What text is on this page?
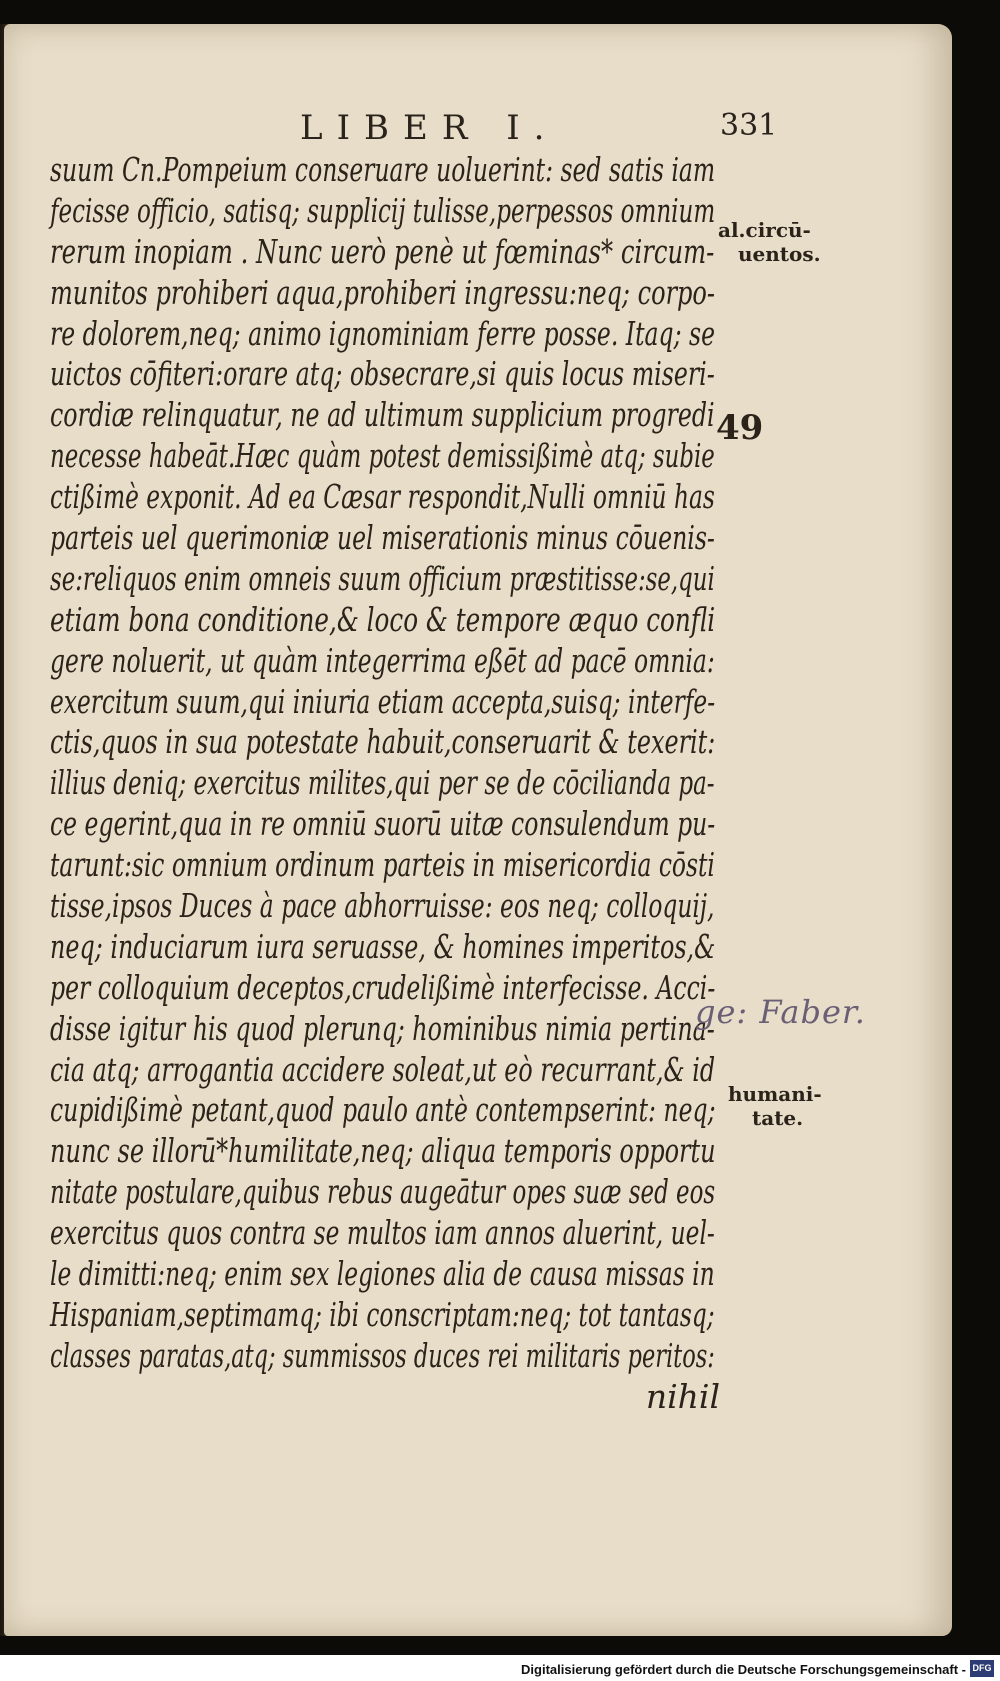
LIBER I.	331
suum Cn.Pompeium conseruare uoluerint: sed satis iam
fecisse officio, satisq; supplicij tulisse,perpessos omnium
rerum inopiam . Nunc uerò penè ut fœminas* circum-
munitos prohiberi aqua,prohiberi ingressu:neq; corpo-
re dolorem,neq; animo ignominiam ferre posse. Itaq; se
uictos cōfiteri:orare atq; obsecrare,si quis locus miseri-
cordiæ relinquatur, ne ad ultimum supplicium progredi
necesse habeāt.Hæc quàm potest demissißimè atq; subie
ctißimè exponit. Ad ea Cæsar respondit,Nulli omniū has
parteis uel querimoniæ uel miserationis minus cōuenis-
se:reliquos enim omneis suum officium præstitisse:se,qui
etiam bona conditione,& loco & tempore æquo confli
gere noluerit, ut quàm integerrima eßēt ad pacē omnia:
exercitum suum,qui iniuria etiam accepta,suisq; interfe-
ctis,quos in sua potestate habuit,conseruarit & texerit:
illius deniq; exercitus milites,qui per se de cōcilianda pa-
ce egerint,qua in re omniū suorū uitæ consulendum pu-
tarunt:sic omnium ordinum parteis in misericordia cōsti
tisse,ipsos Duces à pace abhorruisse: eos neq; colloquij,
neq; induciarum iura seruasse, & homines imperitos,&
per colloquium deceptos,crudelißimè interfecisse. Acci-
disse igitur his quod plerunq; hominibus nimia pertina-
cia atq; arrogantia accidere soleat,ut eò recurrant,& id
cupidißimè petant,quod paulo antè contempserint: neq;
nunc se illorū*humilitate,neq; aliqua temporis opportu
nitate postulare,quibus rebus augeātur opes suæ sed eos
exercitus quos contra se multos iam annos aluerint, uel-
le dimitti:neq; enim sex legiones alia de causa missas in
Hispaniam,septimamq; ibi conscriptam:neq; tot tantasq;
classes paratas,atq; summissos duces rei militaris peritos:
nihil
al.circū-
uentos.
49
ge: Faber.
humani-
tate.
Digitalisierung gefördert durch die Deutsche Forschungsgemeinschaft - DFG
